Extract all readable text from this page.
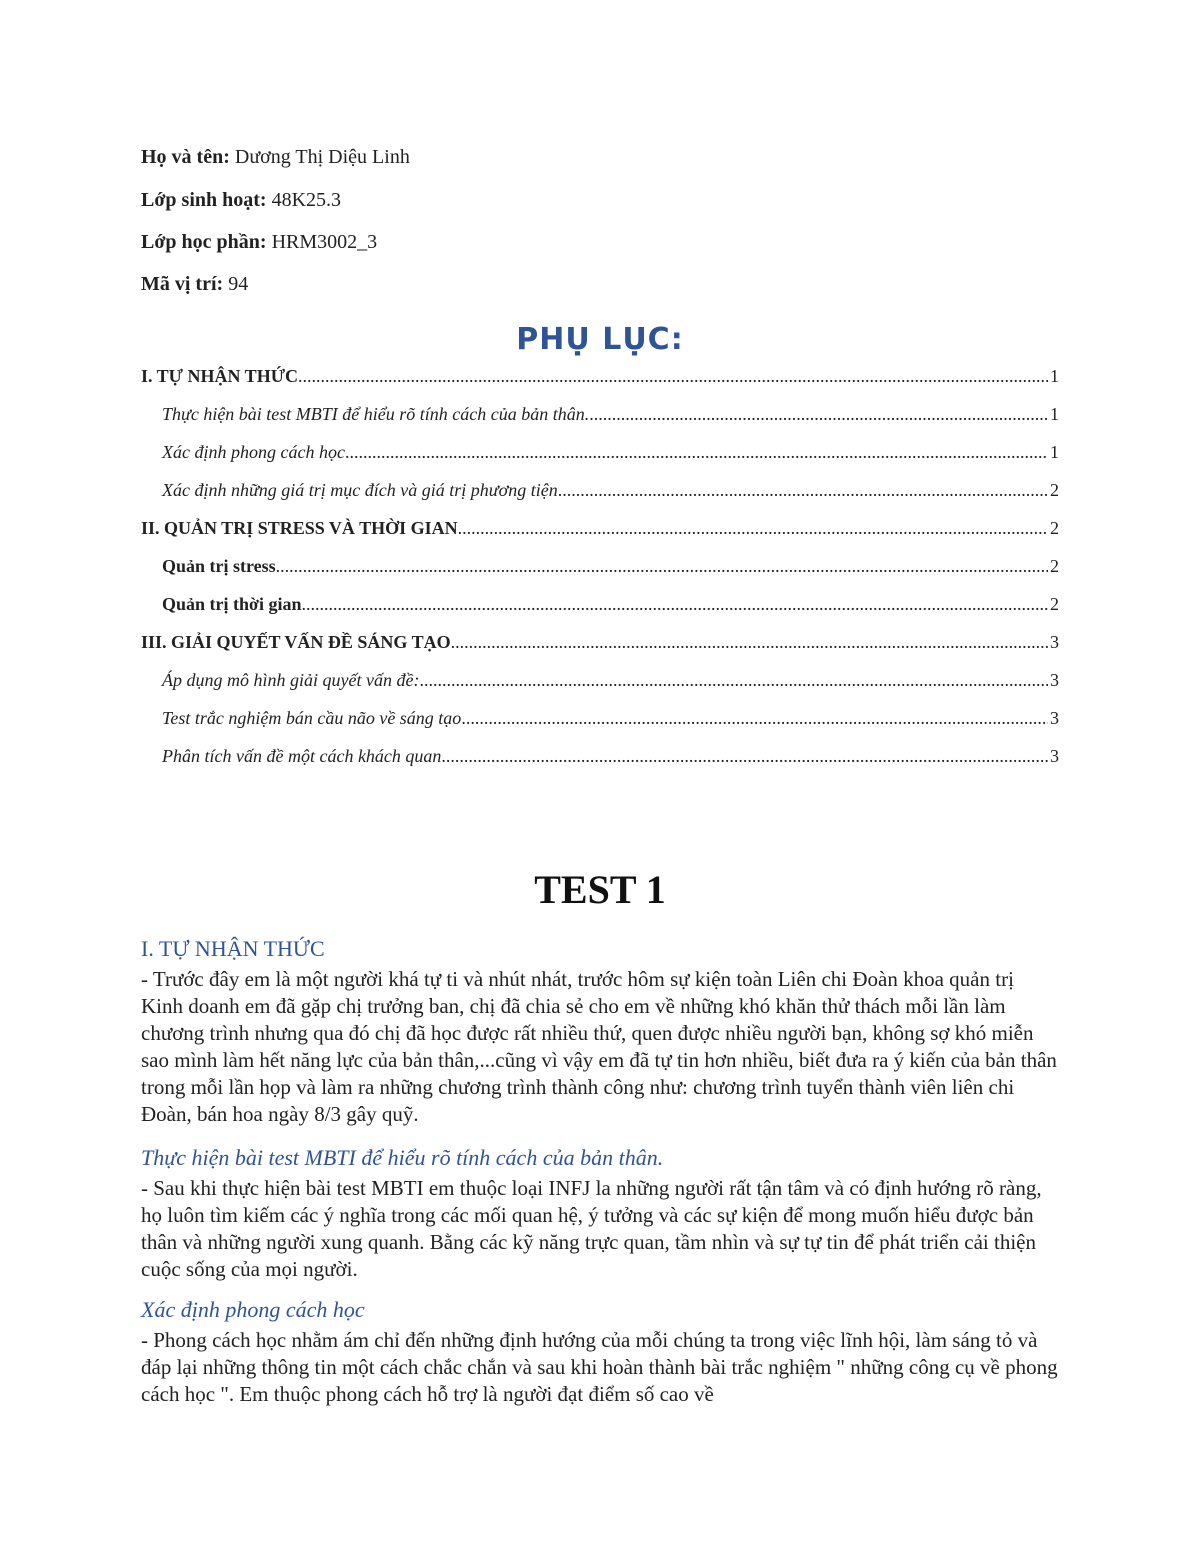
Họ và tên: Dương Thị Diệu Linh
Lớp sinh hoạt: 48K25.3
Lớp học phần: HRM3002_3
Mã vị trí: 94
PHỤ LỤC:
I. TỰ NHẬN THỨC .....	1
Thực hiện bài test MBTI để hiểu rõ tính cách của bản thân. .....	1
Xác định phong cách học .....	1
Xác định những giá trị mục đích và giá trị phương tiện .....	2
II. QUẢN TRỊ STRESS VÀ THỜI GIAN .....	2
Quản trị stress .....	2
Quản trị thời gian .....	2
III. GIẢI QUYẾT VẤN ĐỀ SÁNG TẠO .....	3
Áp dụng mô hình giải quyết vấn đề: .....	3
Test trắc nghiệm bán cầu não về sáng tạo .....	3
Phân tích vấn đề một cách khách quan .....	3
TEST 1
I. TỰ NHẬN THỨC
- Trước đây em là một người khá tự ti và nhút nhát, trước hôm sự kiện toàn Liên chi Đoàn khoa quản trị Kinh doanh em đã gặp chị trưởng ban, chị đã chia sẻ cho em về những khó khăn thử thách mỗi lần làm chương trình nhưng qua đó chị đã học được rất nhiều thứ, quen được nhiều người bạn, không sợ khó miễn sao mình làm hết năng lực của bản thân,...cũng vì vậy em đã tự tin hơn nhiều, biết đưa ra ý kiến của bản thân trong mỗi lần họp và làm ra những chương trình thành công như: chương trình tuyển thành viên liên chi Đoàn, bán hoa ngày 8/3 gây quỹ.
Thực hiện bài test MBTI để hiểu rõ tính cách của bản thân.
- Sau khi thực hiện bài test MBTI em thuộc loại INFJ la những người rất tận tâm và có định hướng rõ ràng, họ luôn tìm kiếm các ý nghĩa trong các mối quan hệ, ý tưởng và các sự kiện để mong muốn hiểu được bản thân và những người xung quanh. Bằng các kỹ năng trực quan, tầm nhìn và sự tự tin để phát triển cải thiện cuộc sống của mọi người.
Xác định phong cách học
- Phong cách học nhằm ám chỉ đến những định hướng của mỗi chúng ta trong việc lĩnh hội, làm sáng tỏ và đáp lại những thông tin một cách chắc chắn và sau khi hoàn thành bài trắc nghiệm " những công cụ về phong cách học ". Em thuộc phong cách hỗ trợ là người đạt điểm số cao về
